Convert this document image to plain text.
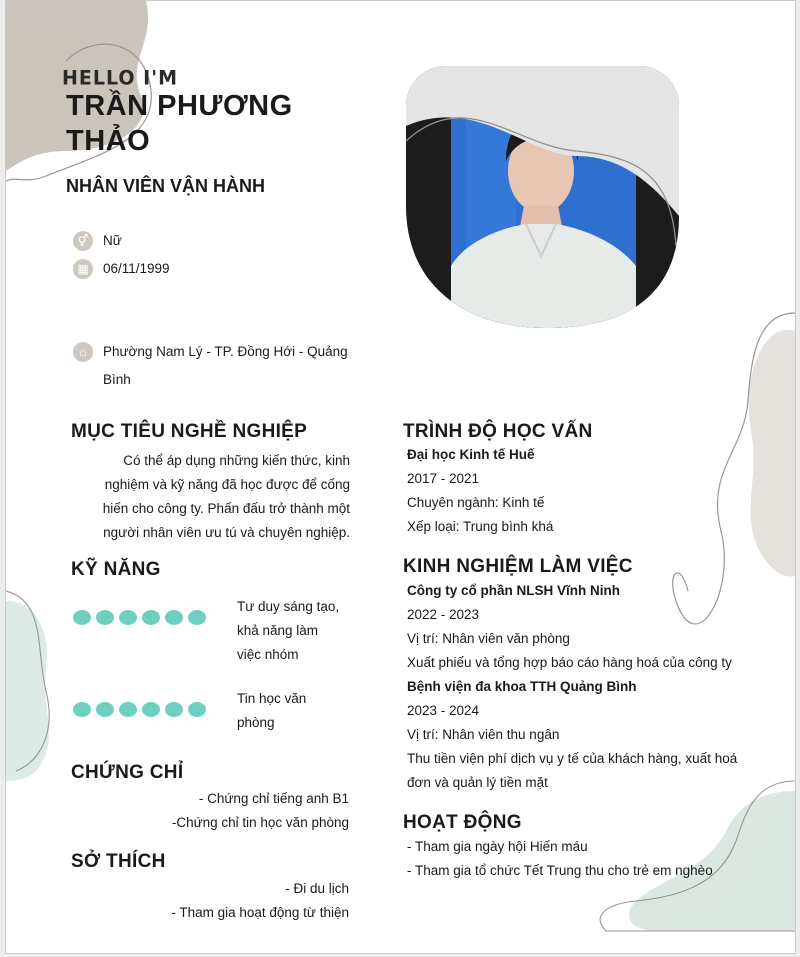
HELLO I'M
TRẦN PHƯƠNG
THẢO
NHÂN VIÊN VẬN HÀNH
⚥	Nữ
▦	06/11/1999
⌂	Phường Nam Lý - TP. Đồng Hới - Quảng
Bình
MỤC TIÊU NGHỀ NGHIỆP
Có thể áp dụng những kiến thức, kinh
nghiệm và kỹ năng đã học được để cống
hiến cho công ty. Phấn đấu trở thành một
người nhân viên ưu tú và chuyên nghiệp.
KỸ NĂNG
Tư duy sáng tạo,
khả năng làm
việc nhóm
Tin học văn
phòng
CHỨNG CHỈ
- Chứng chỉ tiếng anh B1
-Chứng chỉ tin học văn phòng
SỞ THÍCH
- Đi du lịch
- Tham gia hoạt động từ thiện
TRÌNH ĐỘ HỌC VẤN
Đại học Kinh tế Huế
2017 - 2021
Chuyên ngành: Kinh tế
Xếp loại: Trung bình khá
KINH NGHIỆM LÀM VIỆC
Công ty cổ phần NLSH Vĩnh Ninh
2022 - 2023
Vị trí: Nhân viên văn phòng
Xuất phiếu và tổng hợp báo cáo hàng hoá của công ty
Bệnh viện đa khoa TTH Quảng Bình
2023 - 2024
Vị trí: Nhân viên thu ngân
Thu tiền viện phí dịch vụ y tế của khách hàng, xuất hoá
đơn và quản lý tiền mặt
HOẠT ĐỘNG
- Tham gia ngày hội Hiến máu
- Tham gia tổ chức Tết Trung thu cho trẻ em nghèo
